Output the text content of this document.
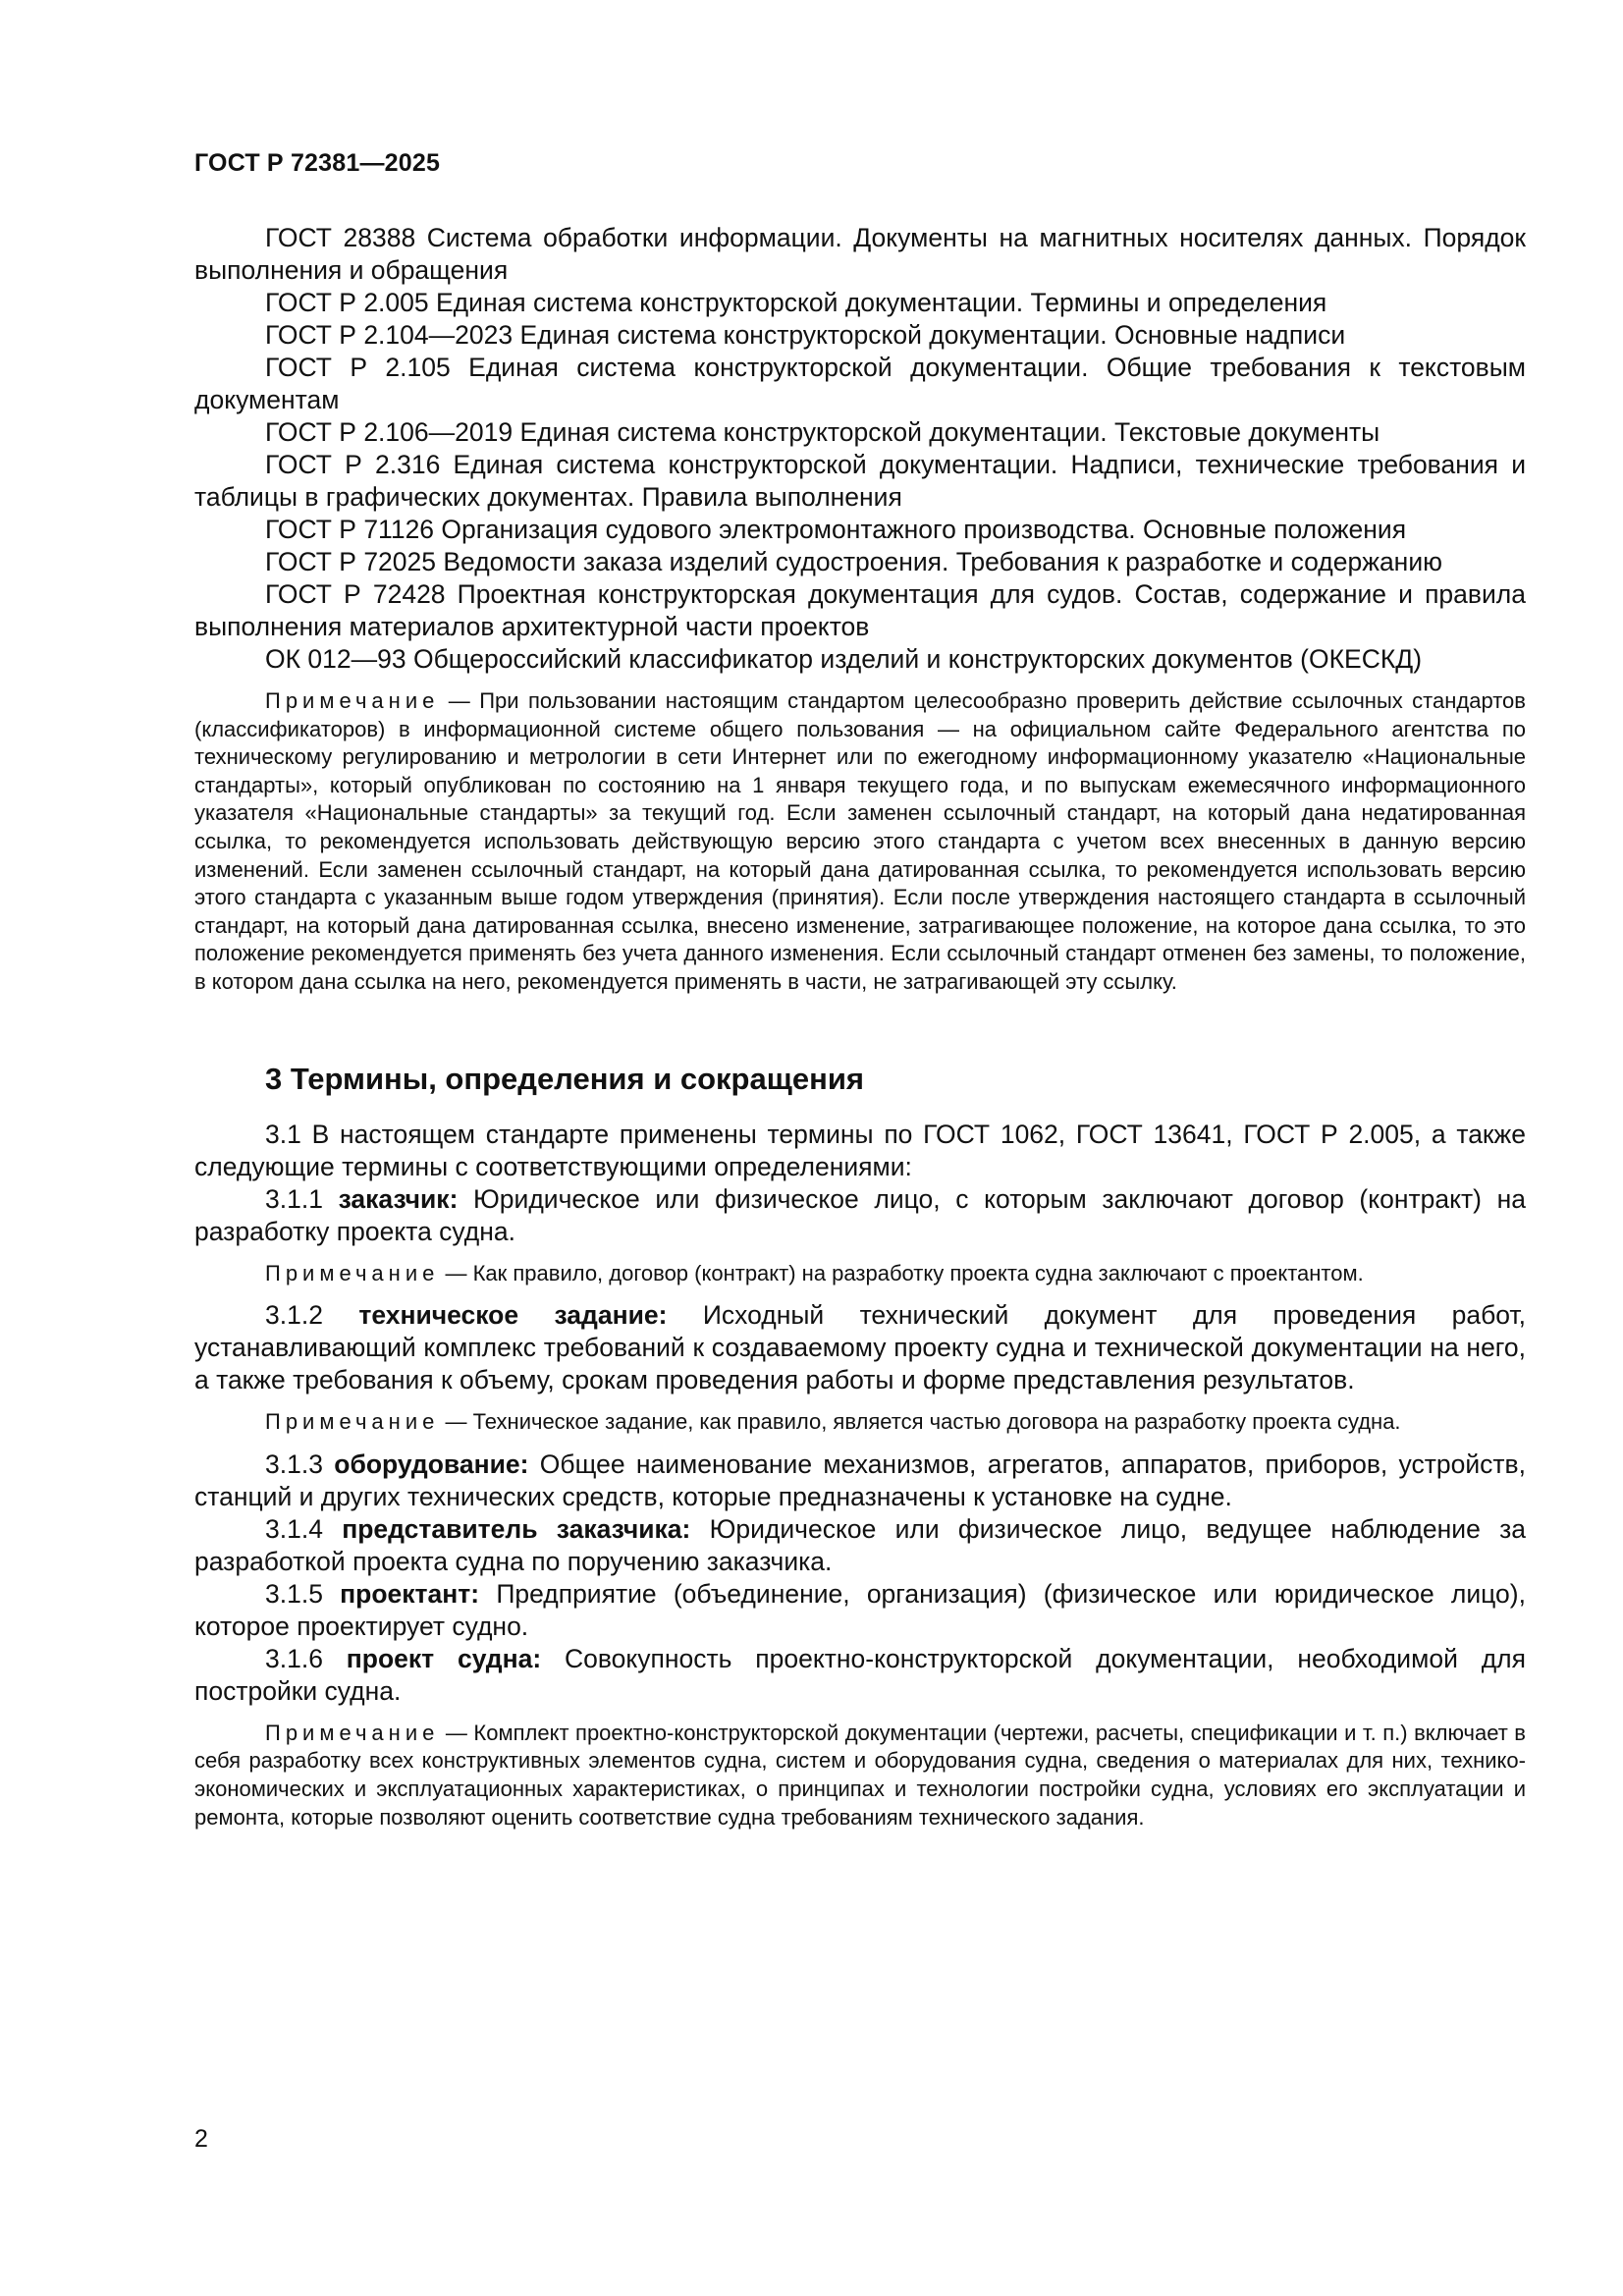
ГОСТ Р 72381—2025

ГОСТ 28388 Система обработки информации. Документы на магнитных носителях данных. Порядок выполнения и обращения

ГОСТ Р 2.005 Единая система конструкторской документации. Термины и определения

ГОСТ Р 2.104—2023 Единая система конструкторской документации. Основные надписи

ГОСТ Р 2.105 Единая система конструкторской документации. Общие требования к текстовым документам

ГОСТ Р 2.106—2019 Единая система конструкторской документации. Текстовые документы

ГОСТ Р 2.316 Единая система конструкторской документации. Надписи, технические требования и таблицы в графических документах. Правила выполнения

ГОСТ Р 71126 Организация судового электромонтажного производства. Основные положения

ГОСТ Р 72025 Ведомости заказа изделий судостроения. Требования к разработке и содержанию

ГОСТ Р 72428 Проектная конструкторская документация для судов. Состав, содержание и правила выполнения материалов архитектурной части проектов

ОК 012—93 Общероссийский классификатор изделий и конструкторских документов (ОКЕСКД)

Примечание — При пользовании настоящим стандартом целесообразно проверить действие ссылочных стандартов (классификаторов) в информационной системе общего пользования — на официальном сайте Федерального агентства по техническому регулированию и метрологии в сети Интернет или по ежегодному информационному указателю «Национальные стандарты», который опубликован по состоянию на 1 января текущего года, и по выпускам ежемесячного информационного указателя «Национальные стандарты» за текущий год. Если заменен ссылочный стандарт, на который дана недатированная ссылка, то рекомендуется использовать действующую версию этого стандарта с учетом всех внесенных в данную версию изменений. Если заменен ссылочный стандарт, на который дана датированная ссылка, то рекомендуется использовать версию этого стандарта с указанным выше годом утверждения (принятия). Если после утверждения настоящего стандарта в ссылочный стандарт, на который дана датированная ссылка, внесено изменение, затрагивающее положение, на которое дана ссылка, то это положение рекомендуется применять без учета данного изменения. Если ссылочный стандарт отменен без замены, то положение, в котором дана ссылка на него, рекомендуется применять в части, не затрагивающей эту ссылку.

3 Термины, определения и сокращения

3.1 В настоящем стандарте применены термины по ГОСТ 1062, ГОСТ 13641, ГОСТ Р 2.005, а также следующие термины с соответствующими определениями:

3.1.1 заказчик: Юридическое или физическое лицо, с которым заключают договор (контракт) на разработку проекта судна.

Примечание — Как правило, договор (контракт) на разработку проекта судна заключают с проектантом.

3.1.2 техническое задание: Исходный технический документ для проведения работ, устанавливающий комплекс требований к создаваемому проекту судна и технической документации на него, а также требования к объему, срокам проведения работы и форме представления результатов.

Примечание — Техническое задание, как правило, является частью договора на разработку проекта судна.

3.1.3 оборудование: Общее наименование механизмов, агрегатов, аппаратов, приборов, устройств, станций и других технических средств, которые предназначены к установке на судне.

3.1.4 представитель заказчика: Юридическое или физическое лицо, ведущее наблюдение за разработкой проекта судна по поручению заказчика.

3.1.5 проектант: Предприятие (объединение, организация) (физическое или юридическое лицо), которое проектирует судно.

3.1.6 проект судна: Совокупность проектно-конструкторской документации, необходимой для постройки судна.

Примечание — Комплект проектно-конструкторской документации (чертежи, расчеты, спецификации и т. п.) включает в себя разработку всех конструктивных элементов судна, систем и оборудования судна, сведения о материалах для них, технико-экономических и эксплуатационных характеристиках, о принципах и технологии постройки судна, условиях его эксплуатации и ремонта, которые позволяют оценить соответствие судна требованиям технического задания.

2
